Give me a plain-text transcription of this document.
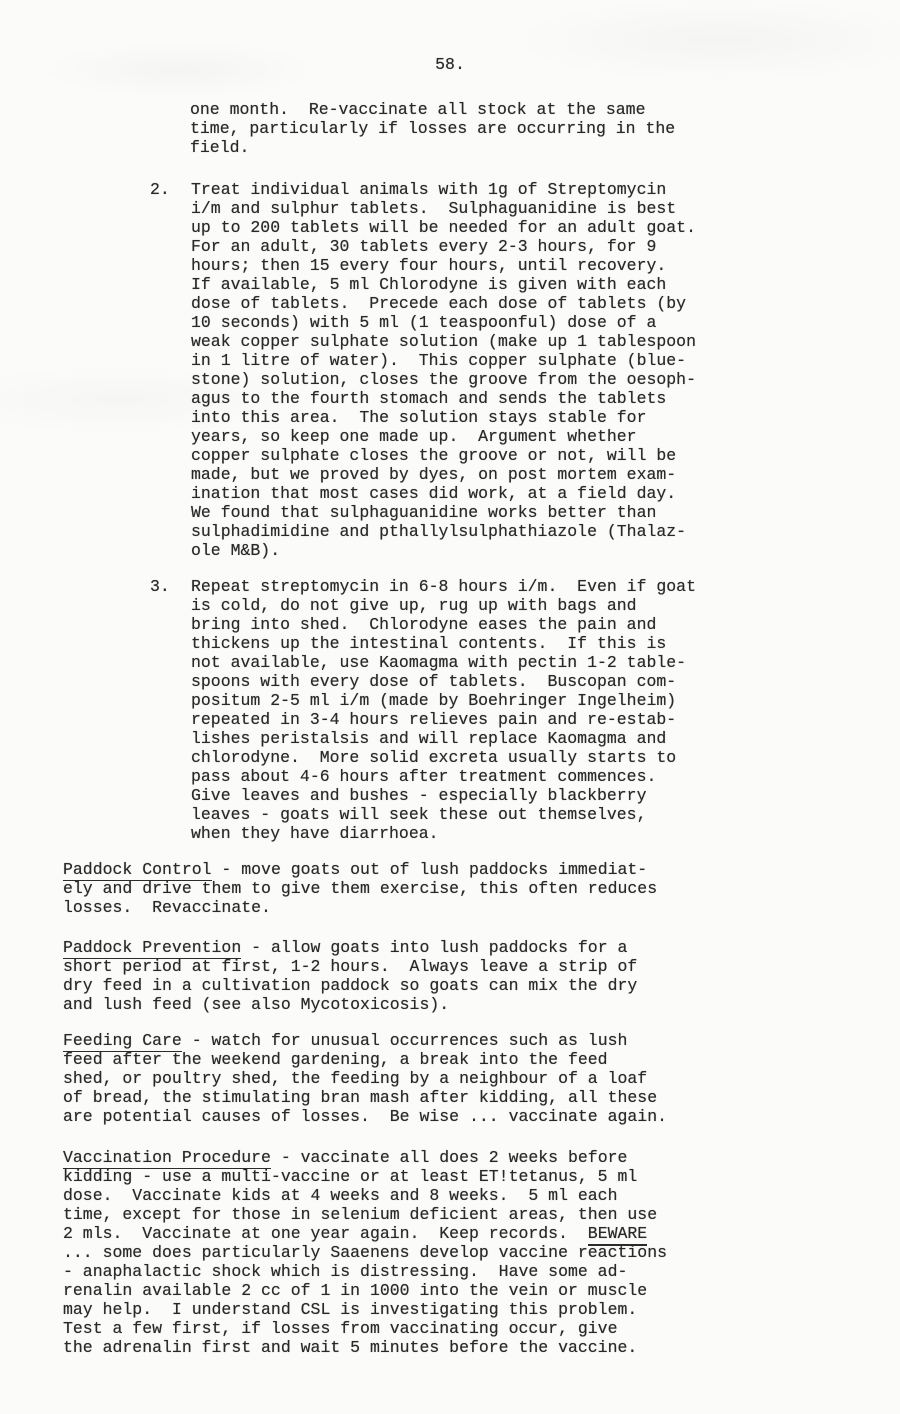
58.
one month.  Re-vaccinate all stock at the same
time, particularly if losses are occurring in the
field.
2.	Treat individual animals with 1g of Streptomycin
i/m and sulphur tablets.  Sulphaguanidine is best
up to 200 tablets will be needed for an adult goat.
For an adult, 30 tablets every 2-3 hours, for 9
hours; then 15 every four hours, until recovery.
If available, 5 ml Chlorodyne is given with each
dose of tablets.  Precede each dose of tablets (by
10 seconds) with 5 ml (1 teaspoonful) dose of a
weak copper sulphate solution (make up 1 tablespoon
in 1 litre of water).  This copper sulphate (blue-
stone) solution, closes the groove from the oesoph-
agus to the fourth stomach and sends the tablets
into this area.  The solution stays stable for
years, so keep one made up.  Argument whether
copper sulphate closes the groove or not, will be
made, but we proved by dyes, on post mortem exam-
ination that most cases did work, at a field day.
We found that sulphaguanidine works better than
sulphadimidine and pthallylsulphathiazole (Thalaz-
ole M&B).
3.	Repeat streptomycin in 6-8 hours i/m.  Even if goat
is cold, do not give up, rug up with bags and
bring into shed.  Chlorodyne eases the pain and
thickens up the intestinal contents.  If this is
not available, use Kaomagma with pectin 1-2 table-
spoons with every dose of tablets.  Buscopan com-
positum 2-5 ml i/m (made by Boehringer Ingelheim)
repeated in 3-4 hours relieves pain and re-estab-
lishes peristalsis and will replace Kaomagma and
chlorodyne.  More solid excreta usually starts to
pass about 4-6 hours after treatment commences.
Give leaves and bushes - especially blackberry
leaves - goats will seek these out themselves,
when they have diarrhoea.
Paddock Control - move goats out of lush paddocks immediat-
ely and drive them to give them exercise, this often reduces
losses.  Revaccinate.
Paddock Prevention - allow goats into lush paddocks for a
short period at first, 1-2 hours.  Always leave a strip of
dry feed in a cultivation paddock so goats can mix the dry
and lush feed (see also Mycotoxicosis).
Feeding Care - watch for unusual occurrences such as lush
feed after the weekend gardening, a break into the feed
shed, or poultry shed, the feeding by a neighbour of a loaf
of bread, the stimulating bran mash after kidding, all these
are potential causes of losses.  Be wise ... vaccinate again.
Vaccination Procedure - vaccinate all does 2 weeks before
kidding - use a multi-vaccine or at least ET!tetanus, 5 ml
dose.  Vaccinate kids at 4 weeks and 8 weeks.  5 ml each
time, except for those in selenium deficient areas, then use
2 mls.  Vaccinate at one year again.  Keep records.  BEWARE
... some does particularly Saaenens develop vaccine reactions
- anaphalactic shock which is distressing.  Have some ad-
renalin available 2 cc of 1 in 1000 into the vein or muscle
may help.  I understand CSL is investigating this problem.
Test a few first, if losses from vaccinating occur, give
the adrenalin first and wait 5 minutes before the vaccine.
